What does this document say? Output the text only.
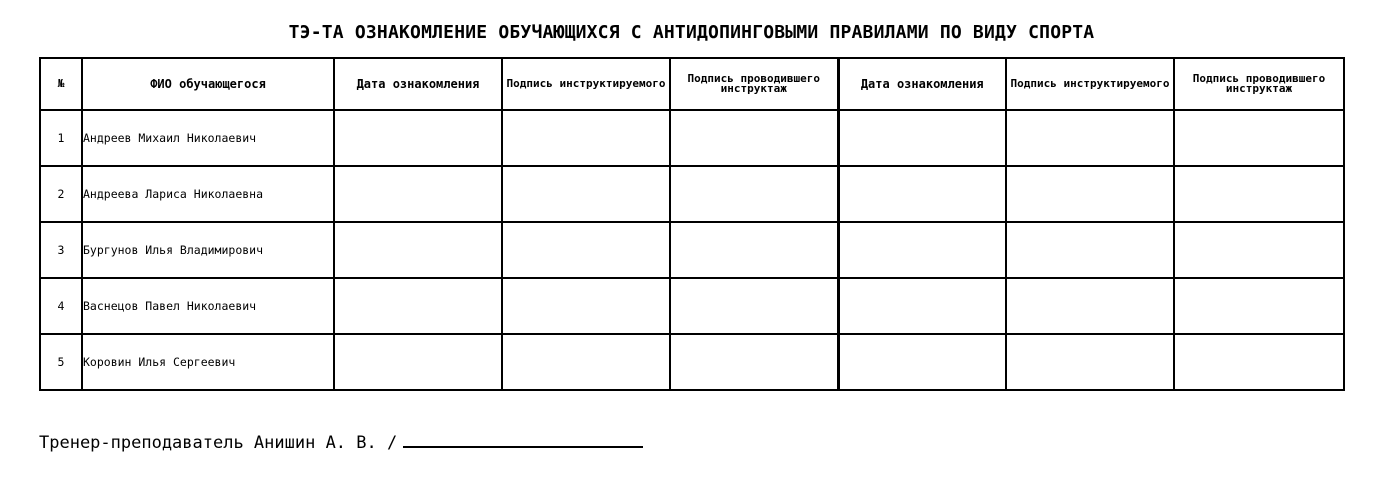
ТЭ-ТА ОЗНАКОМЛЕНИЕ ОБУЧАЮЩИХСЯ С АНТИДОПИНГОВЫМИ ПРАВИЛАМИ ПО ВИДУ СПОРТА
№	ФИО обучающегося	Дата ознакомления	Подпись инструктируемого	Подпись проводившего инструктаж	Дата ознакомления	Подпись инструктируемого	Подпись проводившего инструктаж
1	Андреев Михаил Николаевич						
2	Андреева Лариса Николаевна						
3	Бургунов Илья Владимирович						
4	Васнецов Павел Николаевич						
5	Коровин Илья Сергеевич						
Тренер-преподаватель Анишин А. В. /
